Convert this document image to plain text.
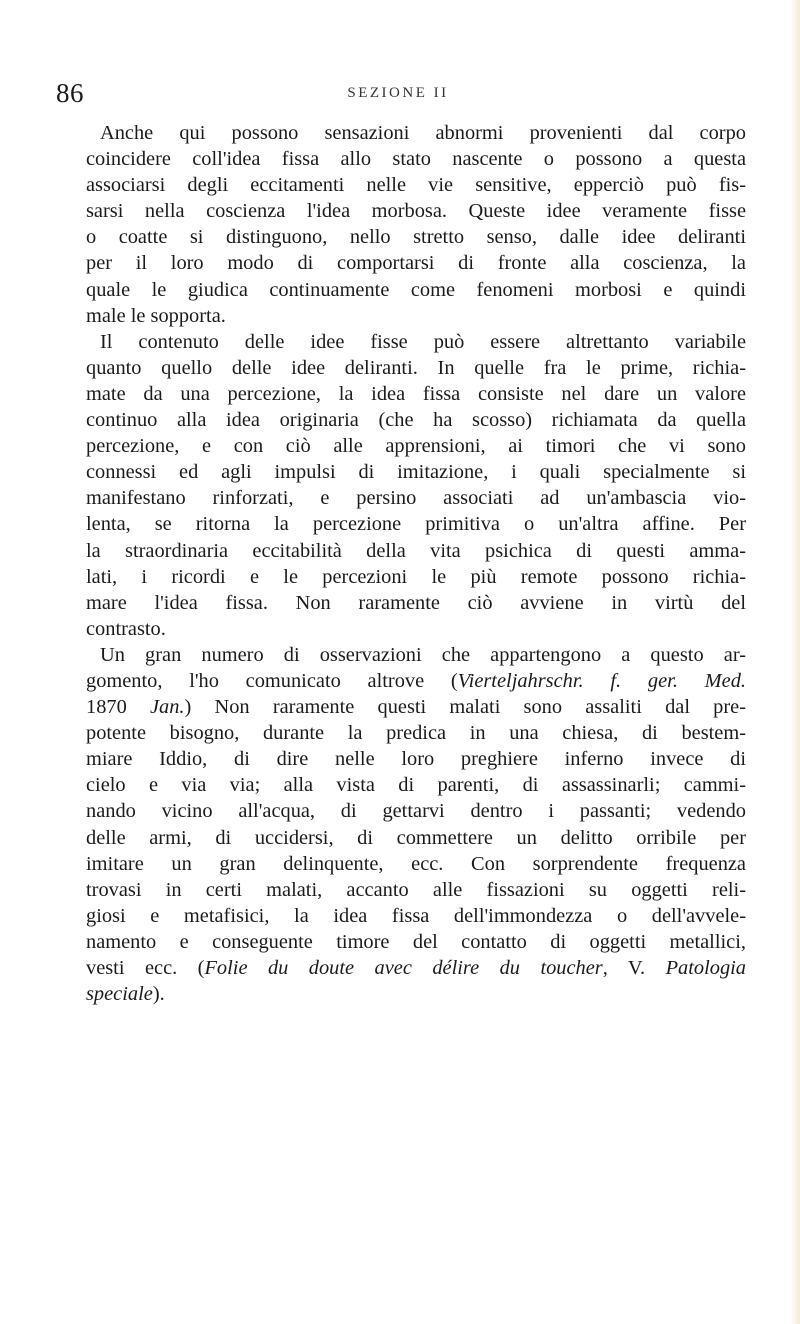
86	SEZIONE II
Anche qui possono sensazioni abnormi provenienti dal corpo
coincidere coll'idea fissa allo stato nascente o possono a questa
associarsi degli eccitamenti nelle vie sensitive, epperciò può fis-
sarsi nella coscienza l'idea morbosa. Queste idee veramente fisse
o coatte si distinguono, nello stretto senso, dalle idee deliranti
per il loro modo di comportarsi di fronte alla coscienza, la
quale le giudica continuamente come fenomeni morbosi e quindi
male le sopporta.
Il contenuto delle idee fisse può essere altrettanto variabile
quanto quello delle idee deliranti. In quelle fra le prime, richia-
mate da una percezione, la idea fissa consiste nel dare un valore
continuo alla idea originaria (che ha scosso) richiamata da quella
percezione, e con ciò alle apprensioni, ai timori che vi sono
connessi ed agli impulsi di imitazione, i quali specialmente si
manifestano rinforzati, e persino associati ad un'ambascia vio-
lenta, se ritorna la percezione primitiva o un'altra affine. Per
la straordinaria eccitabilità della vita psichica di questi amma-
lati, i ricordi e le percezioni le più remote possono richia-
mare l'idea fissa. Non raramente ciò avviene in virtù del
contrasto.
Un gran numero di osservazioni che appartengono a questo ar-
gomento, l'ho comunicato altrove (Vierteljahrschr. f. ger. Med.
1870 Jan.) Non raramente questi malati sono assaliti dal pre-
potente bisogno, durante la predica in una chiesa, di bestem-
miare Iddio, di dire nelle loro preghiere inferno invece di
cielo e via via; alla vista di parenti, di assassinarli; cammi-
nando vicino all'acqua, di gettarvi dentro i passanti; vedendo
delle armi, di uccidersi, di commettere un delitto orribile per
imitare un gran delinquente, ecc. Con sorprendente frequenza
trovasi in certi malati, accanto alle fissazioni su oggetti reli-
giosi e metafisici, la idea fissa dell'immondezza o dell'avvele-
namento e conseguente timore del contatto di oggetti metallici,
vesti ecc. (Folie du doute avec délire du toucher, V. Patologia
speciale).
